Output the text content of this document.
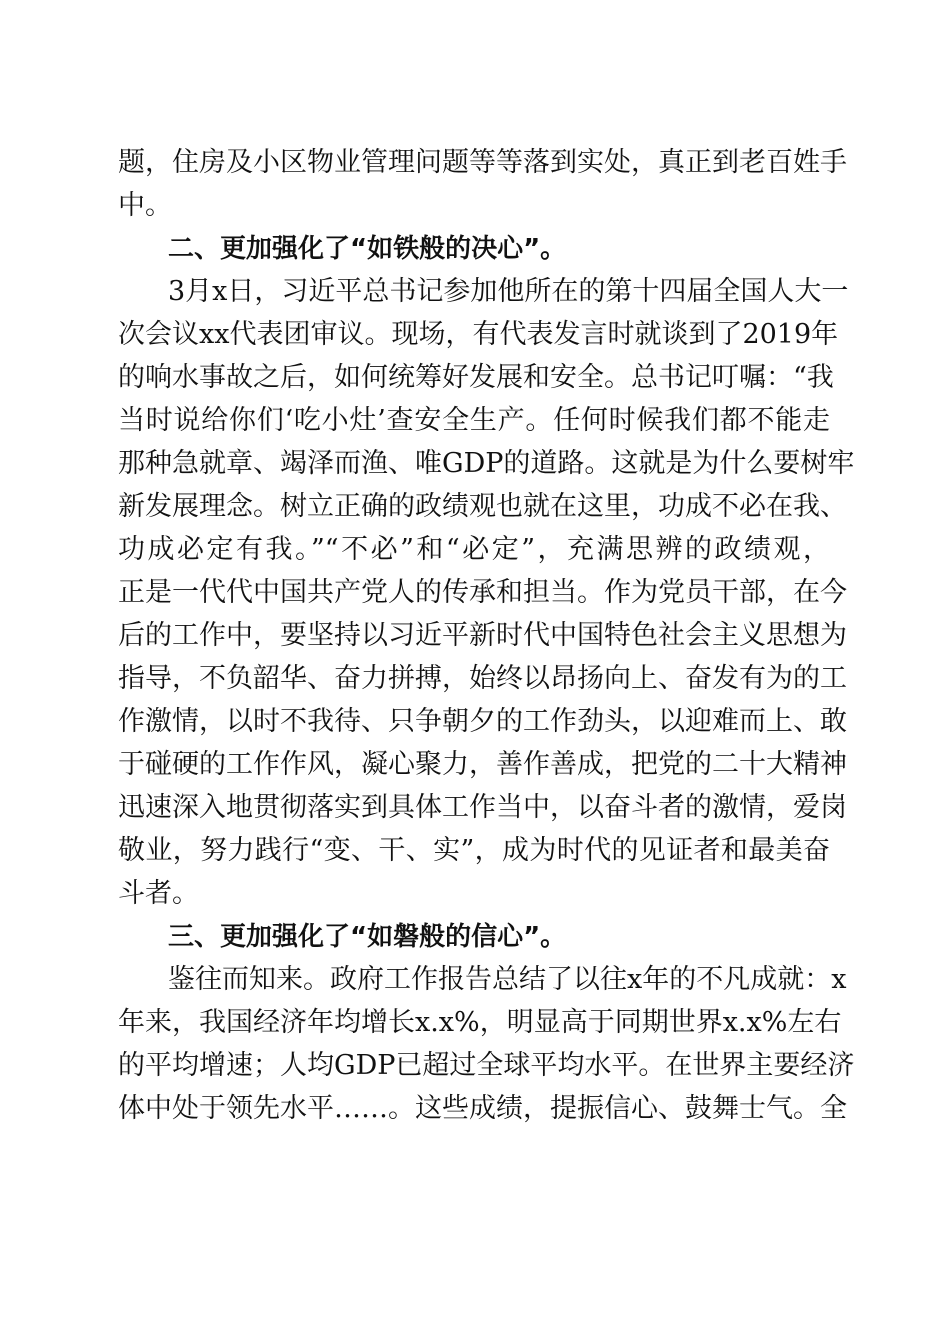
题，住房及小区物业管理问题等等落到实处，真正到老百姓手

中。

二、更加强化了“如铁般的决心”。

3月x日，习近平总书记参加他所在的第十四届全国人大一

次会议xx代表团审议。现场，有代表发言时就谈到了2019年

的响水事故之后，如何统筹好发展和安全。总书记叮嘱：“我

当时说给你们‘吃小灶’查安全生产。任何时候我们都不能走

那种急就章、竭泽而渔、唯GDP的道路。这就是为什么要树牢

新发展理念。树立正确的政绩观也就在这里，功成不必在我、

功成必定有我。”“不必”和“必定”，充满思辨的政绩观，

正是一代代中国共产党人的传承和担当。作为党员干部，在今

后的工作中，要坚持以习近平新时代中国特色社会主义思想为

指导，不负韶华、奋力拼搏，始终以昂扬向上、奋发有为的工

作激情，以时不我待、只争朝夕的工作劲头，以迎难而上、敢

于碰硬的工作作风，凝心聚力，善作善成，把党的二十大精神

迅速深入地贯彻落实到具体工作当中，以奋斗者的激情，爱岗

敬业，努力践行“变、干、实”，成为时代的见证者和最美奋

斗者。

三、更加强化了“如磐般的信心”。

鉴往而知来。政府工作报告总结了以往x年的不凡成就：x

年来，我国经济年均增长x.x%，明显高于同期世界x.x%左右

的平均增速；人均GDP已超过全球平均水平。在世界主要经济

体中处于领先水平……。这些成绩，提振信心、鼓舞士气。全
